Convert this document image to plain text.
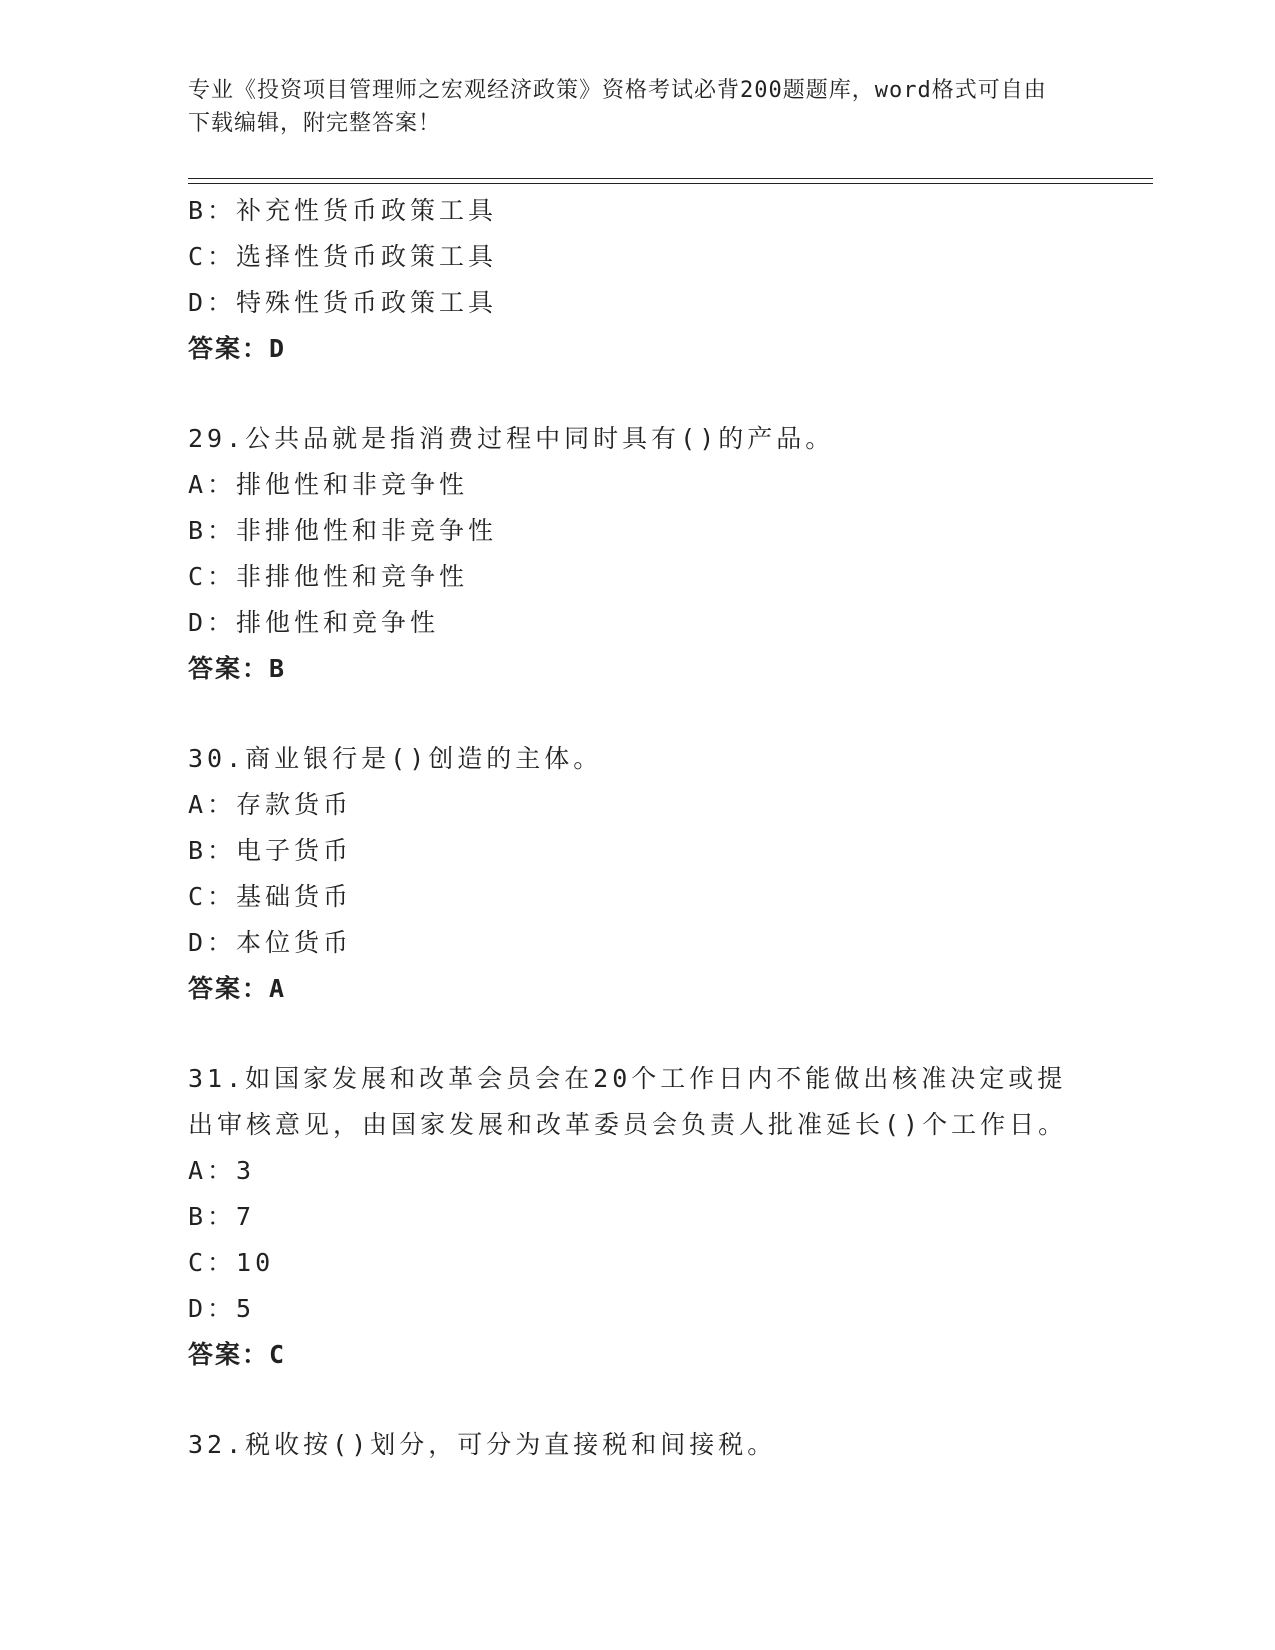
专业《投资项目管理师之宏观经济政策》资格考试必背200题题库，word格式可自由下载编辑，附完整答案！
B：补充性货币政策工具
C：选择性货币政策工具
D：特殊性货币政策工具
答案：D
29.公共品就是指消费过程中同时具有()的产品。
A：排他性和非竞争性
B：非排他性和非竞争性
C：非排他性和竞争性
D：排他性和竞争性
答案：B
30.商业银行是()创造的主体。
A：存款货币
B：电子货币
C：基础货币
D：本位货币
答案：A
31.如国家发展和改革会员会在20个工作日内不能做出核准决定或提出审核意见，由国家发展和改革委员会负责人批准延长()个工作日。
A：3
B：7
C：10
D：5
答案：C
32.税收按()划分，可分为直接税和间接税。
